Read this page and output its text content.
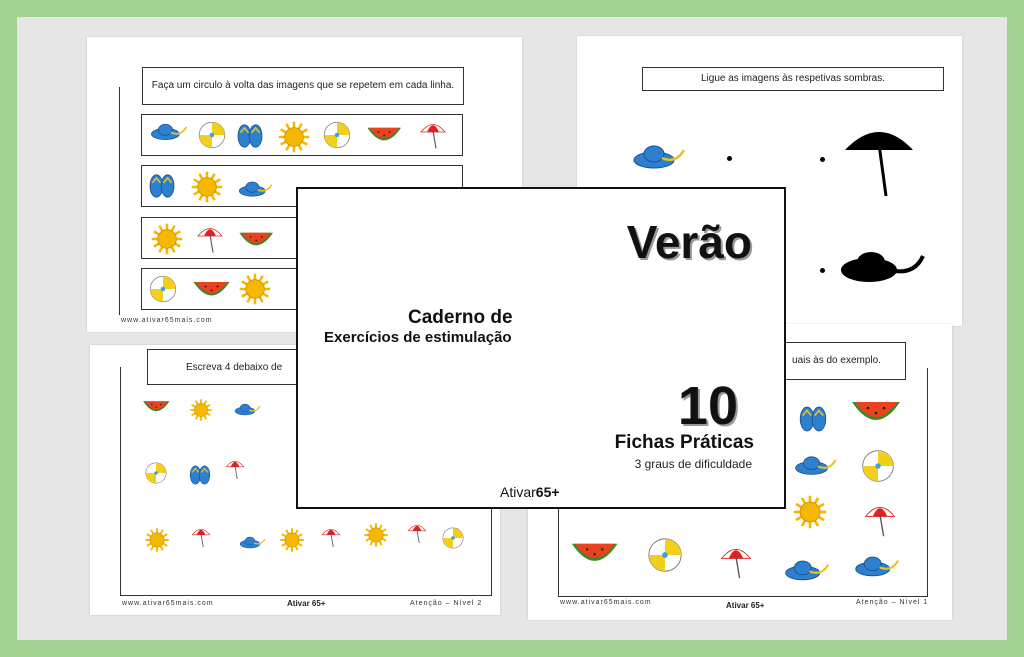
Faça um circulo à volta das imagens que se repetem em cada linha.
www.ativar65mais.com
Ligue as imagens às respetivas sombras.
Escreva 4 debaixo de
www.ativar65mais.com	Ativar 65+	Atenção – Nível 2
uais às do exemplo.
www.ativar65mais.com	Ativar 65+	Atenção – Nível 1
Verão
Caderno de
Exercícios de estimulação
10
Fichas Práticas
3 graus de dificuldade
Ativar65+
